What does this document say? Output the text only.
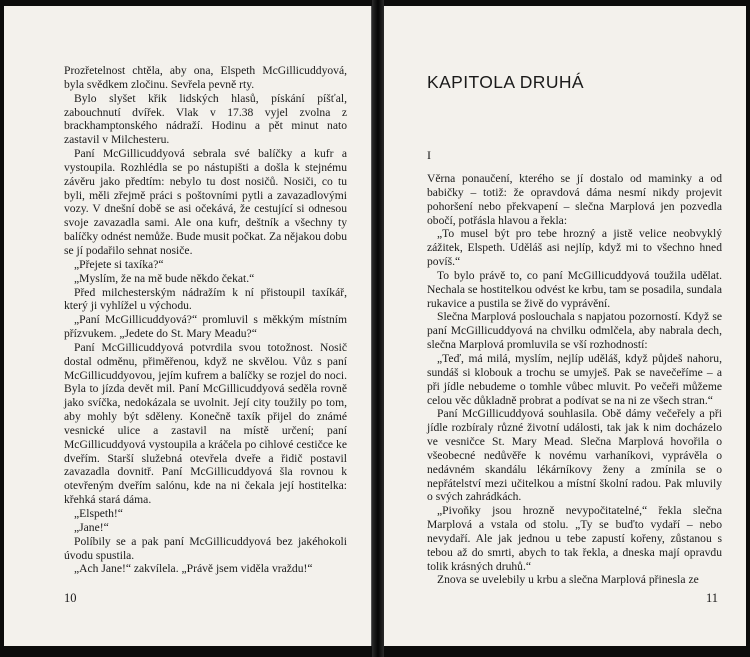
Prozřetelnost chtěla, aby ona, Elspeth McGillicuddyová, byla svědkem zločinu. Sevřela pevně rty.

Bylo slyšet křik lidských hlasů, pískání píšťal, zabouchnutí dvířek. Vlak v 17.38 vyjel zvolna z brackhamptonského nádraží. Hodinu a pět minut nato zastavil v Milchesteru.

Paní McGillicuddyová sebrala své balíčky a kufr a vystoupila. Rozhlédla se po nástupišti a došla k stejnému závěru jako předtím: nebylo tu dost nosičů. Nosiči, co tu byli, měli zřejmě práci s poštovními pytli a zavazadlovými vozy. V dnešní době se asi očekává, že cestující si odnesou svoje zavazadla sami. Ale ona kufr, deštník a všechny ty balíčky odnést nemůže. Bude musit počkat. Za nějakou dobu se jí podařilo sehnat nosiče.

„Přejete si taxíka?“

„Myslím, že na mě bude někdo čekat.“

Před milchesterským nádražím k ní přistoupil taxíkář, který ji vyhlížel u východu.

„Paní McGillicuddyová?“ promluvil s měkkým místním přízvukem. „Jedete do St. Mary Meadu?“

Paní McGillicuddyová potvrdila svou totožnost. Nosič dostal odměnu, přiměřenou, když ne skvělou. Vůz s paní McGillicuddyovou, jejím kufrem a balíčky se rozjel do noci. Byla to jízda devět mil. Paní McGillicuddyová seděla rovně jako svíčka, nedokázala se uvolnit. Její city toužily po tom, aby mohly být sděleny. Konečně taxík přijel do známé vesnické ulice a zastavil na místě určení; paní McGillicuddyová vystoupila a kráčela po cihlové cestičce ke dveřím. Starší služebná otevřela dveře a řidič postavil zavazadla dovnitř. Paní McGillicuddyová šla rovnou k otevřeným dveřím salónu, kde na ni čekala její hostitelka: křehká stará dáma.

„Elspeth!“

„Jane!“

Políbily se a pak paní McGillicuddyová bez jakéhokoli úvodu spustila.

„Ach Jane!“ zakvílela. „Právě jsem viděla vraždu!“

10
KAPITOLA DRUHÁ
I

Věrna ponaučení, kterého se jí dostalo od maminky a od babičky – totiž: že opravdová dáma nesmí nikdy projevit pohoršení nebo překvapení – slečna Marplová jen pozvedla obočí, potřásla hlavou a řekla:

„To musel být pro tebe hrozný a jistě velice neobvyklý zážitek, Elspeth. Uděláš asi nejlíp, když mi to všechno hned povíš.“

To bylo právě to, co paní McGillicuddyová toužila udělat. Nechala se hostitelkou odvést ke krbu, tam se posadila, sundala rukavice a pustila se živě do vyprávění.

Slečna Marplová poslouchala s napjatou pozorností. Když se paní McGillicuddyová na chvilku odmlčela, aby nabrala dech, slečna Marplová promluvila se vší rozhodností:

„Teď, má milá, myslím, nejlíp uděláš, když půjdeš nahoru, sundáš si klobouk a trochu se umyješ. Pak se navečeříme – a při jídle nebudeme o tomhle vůbec mluvit. Po večeři můžeme celou věc důkladně probrat a podívat se na ni ze všech stran.“

Paní McGillicuddyová souhlasila. Obě dámy večeřely a při jídle rozbíraly různé životní události, tak jak k nim docházelo ve vesničce St. Mary Mead. Slečna Marplová hovořila o všeobecné nedůvěře k novému varhaníkovi, vyprávěla o nedávném skandálu lékárníkovy ženy a zmínila se o nepřátelství mezi učitelkou a místní školní radou. Pak mluvily o svých zahrádkách.

„Pivoňky jsou hrozně nevypočitatelné,“ řekla slečna Marplová a vstala od stolu. „Ty se buďto vydaří – nebo nevydaří. Ale jak jednou u tebe zapustí kořeny, zůstanou s tebou až do smrti, abych to tak řekla, a dneska mají opravdu tolik krásných druhů.“

Znova se uvelebily u krbu a slečna Marplová přinesla ze

11
